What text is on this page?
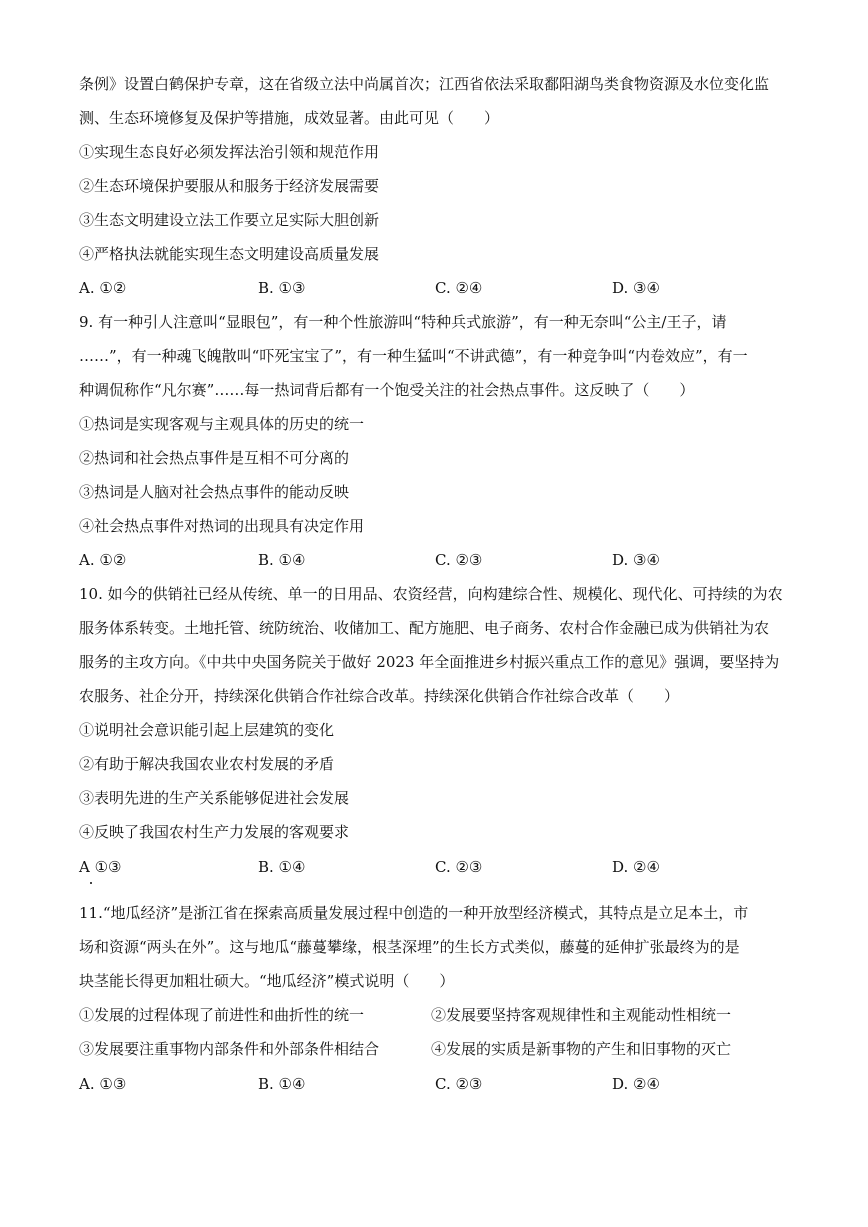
条例》设置白鹤保护专章，这在省级立法中尚属首次；江西省依法采取鄱阳湖鸟类食物资源及水位变化监
测、生态环境修复及保护等措施，成效显著。由此可见（　　）
①实现生态良好必须发挥法治引领和规范作用
②生态环境保护要服从和服务于经济发展需要
③生态文明建设立法工作要立足实际大胆创新
④严格执法就能实现生态文明建设高质量发展
A. ①②	B. ①③	C. ②④	D. ③④
9. 有一种引人注意叫“显眼包”，有一种个性旅游叫“特种兵式旅游”，有一种无奈叫“公主/王子，请
……”，有一种魂飞魄散叫“吓死宝宝了”，有一种生猛叫“不讲武德”，有一种竞争叫“内卷效应”，有一
种调侃称作“凡尔赛”……每一热词背后都有一个饱受关注的社会热点事件。这反映了（　　）
①热词是实现客观与主观具体的历史的统一
②热词和社会热点事件是互相不可分离的
③热词是人脑对社会热点事件的能动反映
④社会热点事件对热词的出现具有决定作用
A. ①②	B. ①④	C. ②③	D. ③④
10. 如今的供销社已经从传统、单一的日用品、农资经营，向构建综合性、规模化、现代化、可持续的为农
服务体系转变。土地托管、统防统治、收储加工、配方施肥、电子商务、农村合作金融已成为供销社为农
服务的主攻方向。《中共中央国务院关于做好 2023 年全面推进乡村振兴重点工作的意见》强调，要坚持为
农服务、社企分开，持续深化供销合作社综合改革。持续深化供销合作社综合改革（　　）
①说明社会意识能引起上层建筑的变化
②有助于解决我国农业农村发展的矛盾
③表明先进的生产关系能够促进社会发展
④反映了我国农村生产力发展的客观要求
A ①③	B. ①④	C. ②③	D. ②④
11.“地瓜经济”是浙江省在探索高质量发展过程中创造的一种开放型经济模式，其特点是立足本土，市
场和资源“两头在外”。这与地瓜“藤蔓攀缘，根茎深埋”的生长方式类似，藤蔓的延伸扩张最终为的是
块茎能长得更加粗壮硕大。“地瓜经济”模式说明（　　）
①发展的过程体现了前进性和曲折性的统一	②发展要坚持客观规律性和主观能动性相统一
③发展要注重事物内部条件和外部条件相结合	④发展的实质是新事物的产生和旧事物的灭亡
A. ①③	B. ①④	C. ②③	D. ②④
